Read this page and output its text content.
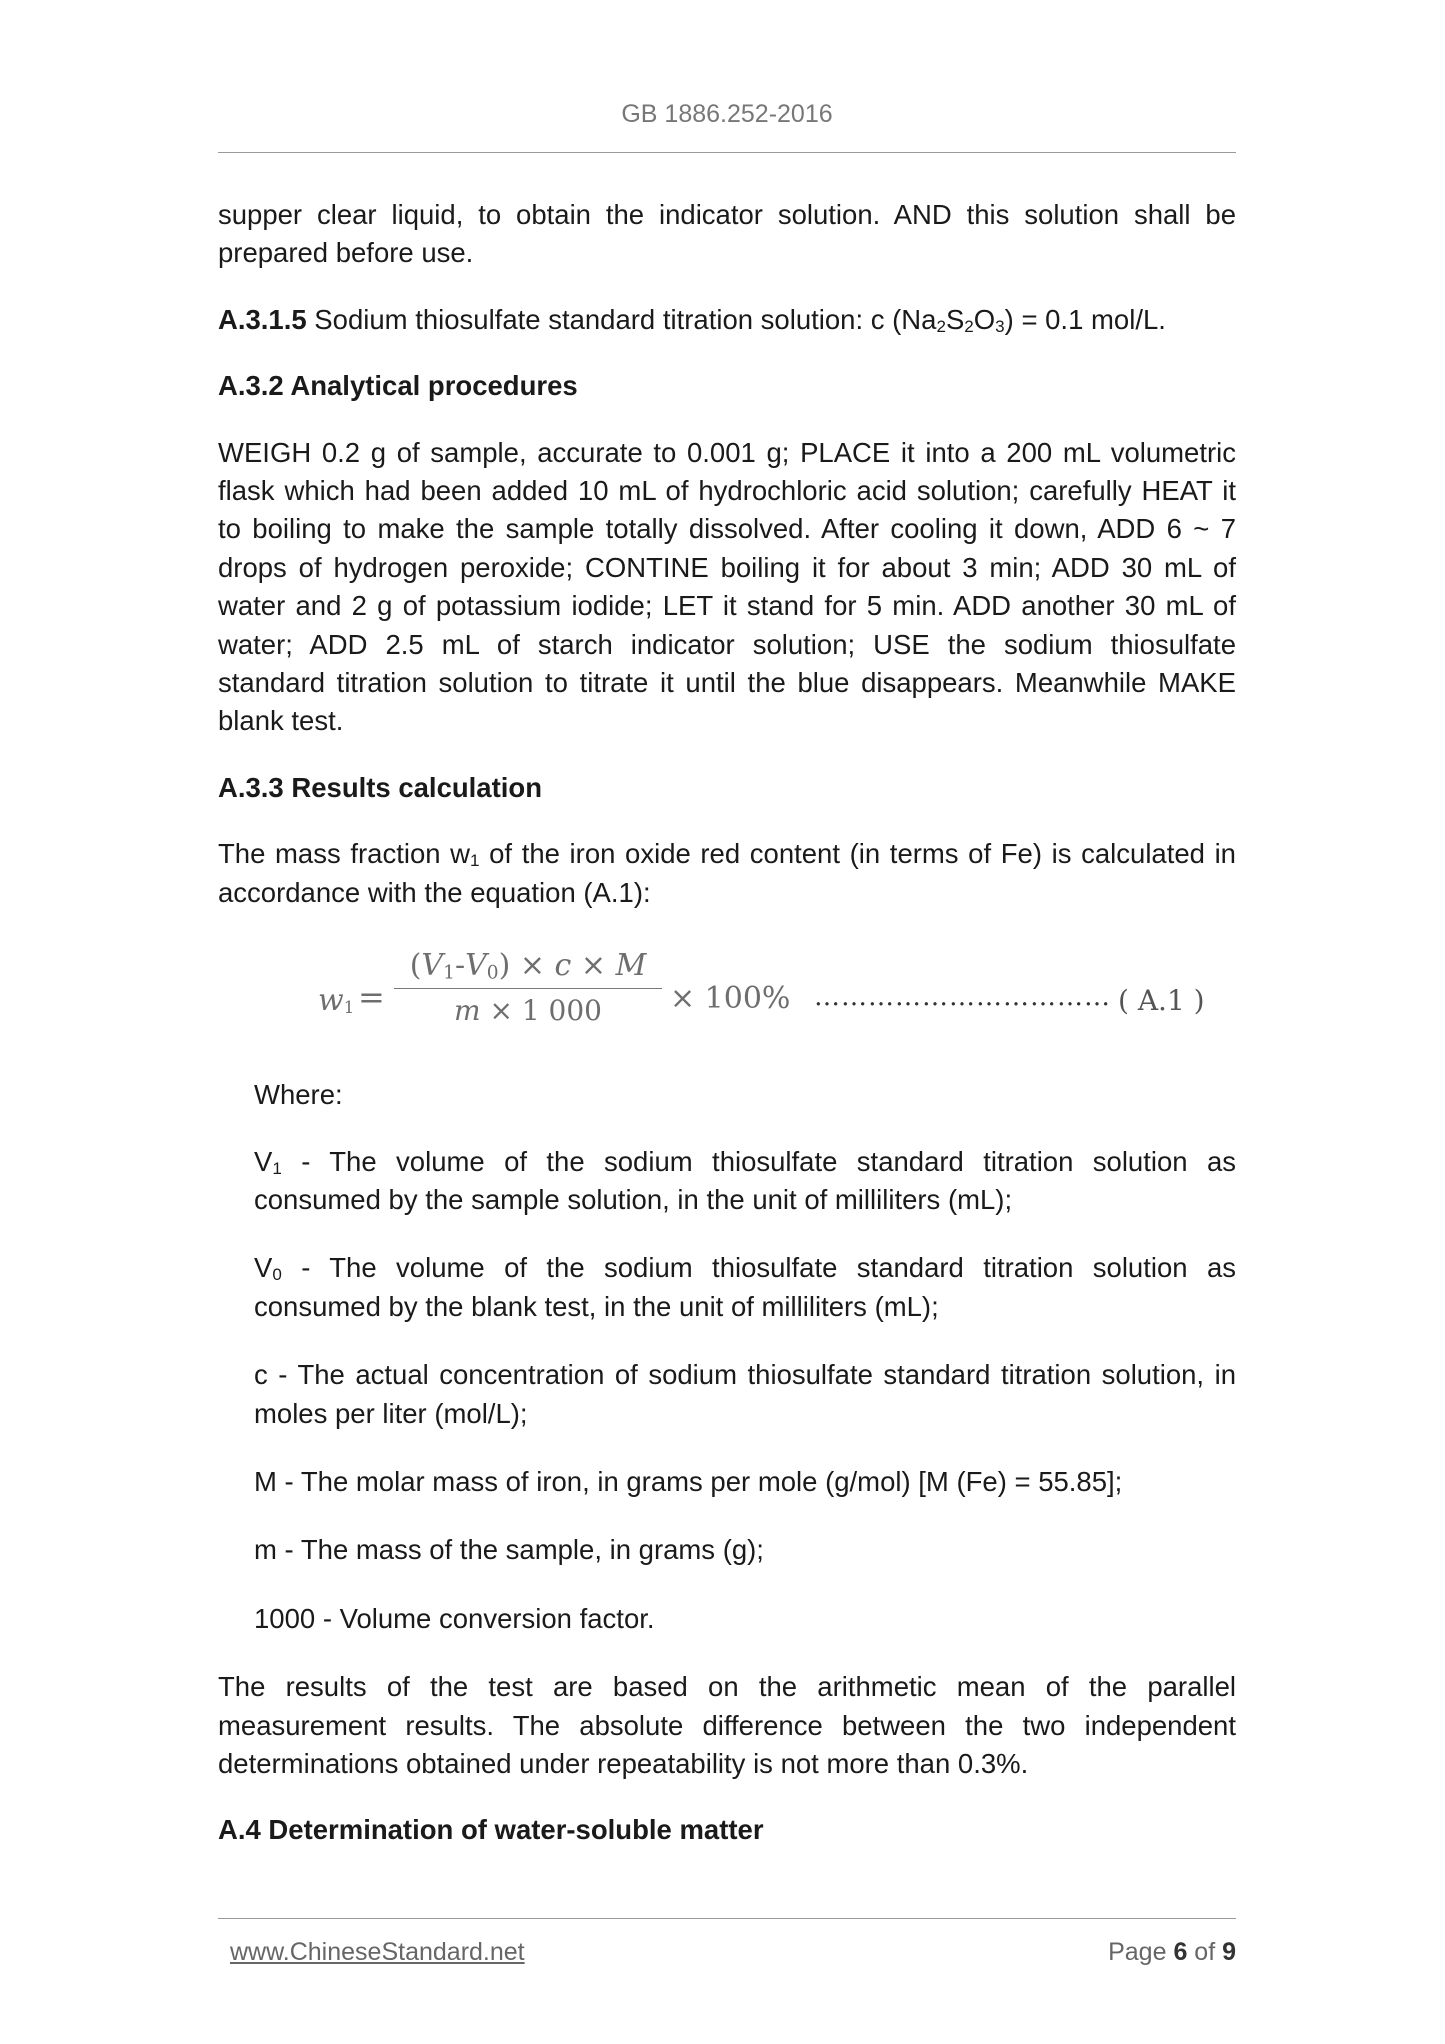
GB 1886.252-2016

supper clear liquid, to obtain the indicator solution. AND this solution shall be prepared before use.

A.3.1.5 Sodium thiosulfate standard titration solution: c $(Na_2S_2O_3) = 0.1$ mol/L.

A.3.2 Analytical procedures

WEIGH 0.2 g of sample, accurate to 0.001 g; PLACE it into a 200 mL volumetric flask which had been added 10 mL of hydrochloric acid solution; carefully HEAT it to boiling to make the sample totally dissolved. After cooling it down, ADD 6 ~ 7 drops of hydrogen peroxide; CONTINE boiling it for about 3 min; ADD 30 mL of water and 2 g of potassium iodide; LET it stand for 5 min. ADD another 30 mL of water; ADD 2.5 mL of starch indicator solution; USE the sodium thiosulfate standard titration solution to titrate it until the blue disappears. Meanwhile MAKE blank test.

A.3.3 Results calculation

The mass fraction $w_1$ of the iron oxide red content (in terms of Fe) is calculated in accordance with the equation (A.1):

$w_1$ =
$(V_1-V_0) \times c \times M$
m × 1 000	× 100% …………………………… ( A.1 )

Where:

$V_1$ - The volume of the sodium thiosulfate standard titration solution as consumed by the sample solution, in the unit of milliliters (mL);

$V_0$ - The volume of the sodium thiosulfate standard titration solution as consumed by the blank test, in the unit of milliliters (mL);

c - The actual concentration of sodium thiosulfate standard titration solution, in moles per liter (mol/L);

M - The molar mass of iron, in grams per mole (g/mol) [M (Fe) = 55.85];

m - The mass of the sample, in grams (g);

1000 - Volume conversion factor.

The results of the test are based on the arithmetic mean of the parallel measurement results. The absolute difference between the two independent determinations obtained under repeatability is not more than 0.3%.

A.4 Determination of water-soluble matter

www.ChineseStandard.net	Page 6 of 9
